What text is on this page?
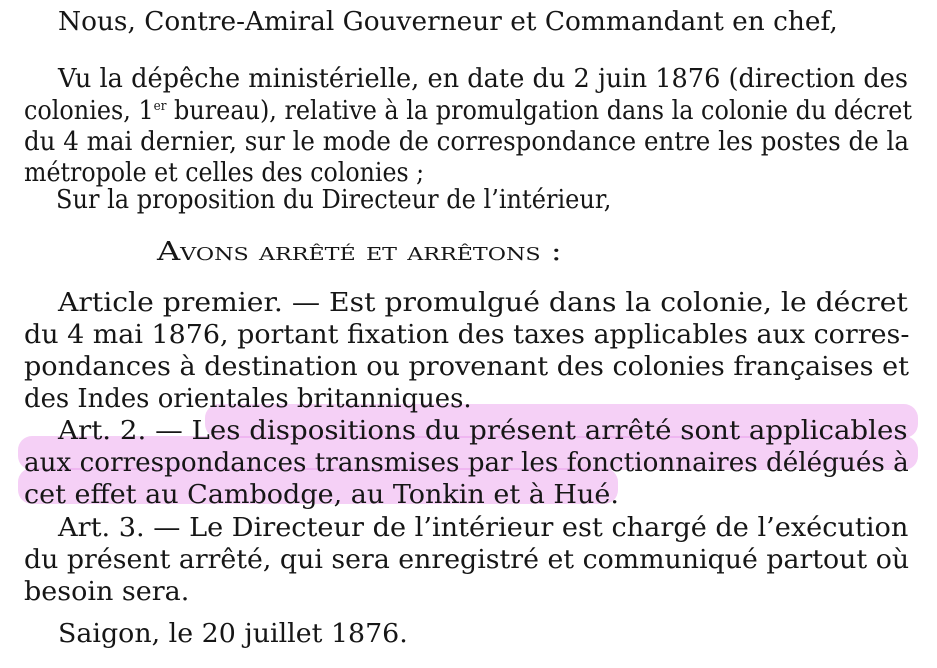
Nous, Contre-Amiral Gouverneur et Commandant en chef,
Vu la dépêche ministérielle, en date du 2 juin 1876 (direction des
colonies, 1er bureau), relative à la promulgation dans la colonie du décret
du 4 mai dernier, sur le mode de correspondance entre les postes de la
métropole et celles des colonies ;
Sur la proposition du Directeur de l’intérieur,
Avons arrêté et arrêtons :
Article premier. — Est promulgué dans la colonie, le décret
du 4 mai 1876, portant fixation des taxes applicables aux corres-
pondances à destination ou provenant des colonies françaises et
des Indes orientales britanniques.
Art. 2. — Les dispositions du présent arrêté sont applicables
aux correspondances transmises par les fonctionnaires délégués à
cet effet au Cambodge, au Tonkin et à Hué.
Art. 3. — Le Directeur de l’intérieur est chargé de l’exécution
du présent arrêté, qui sera enregistré et communiqué partout où
besoin sera.
Saigon, le 20 juillet 1876.
